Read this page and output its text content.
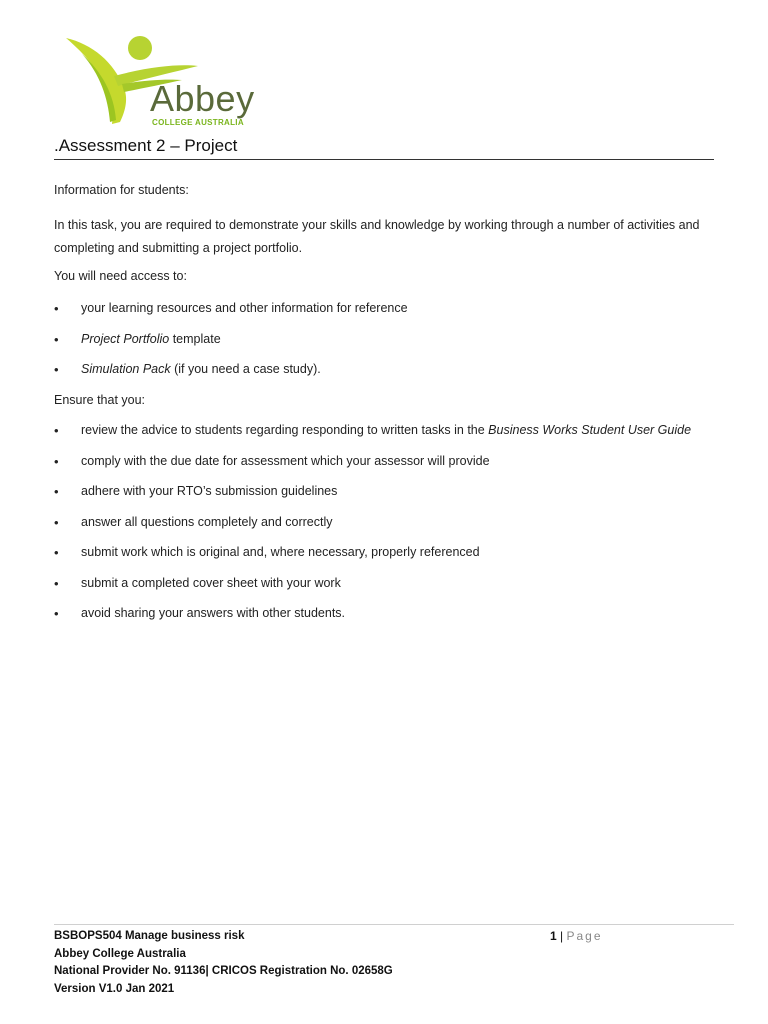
Abbey
COLLEGE AUSTRALIA
.Assessment 2 – Project
Information for students:
In this task, you are required to demonstrate your skills and knowledge by working through a number of activities and completing and submitting a project portfolio.
You will need access to:
• your learning resources and other information for reference
• Project Portfolio template
• Simulation Pack (if you need a case study).
Ensure that you:
• review the advice to students regarding responding to written tasks in the Business Works Student User Guide
• comply with the due date for assessment which your assessor will provide
• adhere with your RTO’s submission guidelines
• answer all questions completely and correctly
• submit work which is original and, where necessary, properly referenced
• submit a completed cover sheet with your work
• avoid sharing your answers with other students.
BSBOPS504 Manage business risk
Abbey College Australia
National Provider No. 91136| CRICOS Registration No. 02658G
Version V1.0 Jan 2021
1 | Page
